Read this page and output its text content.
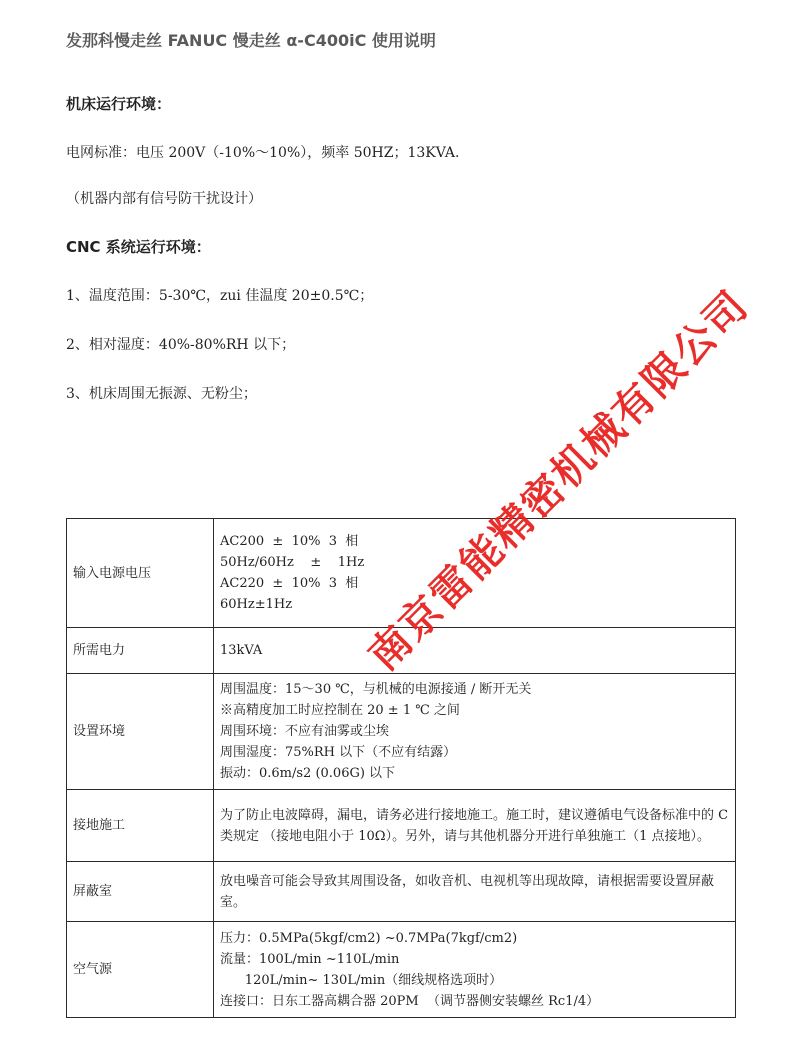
发那科慢走丝 FANUC 慢走丝 α-C400iC 使用说明
机床运行环境：
电网标准：电压 200V（-10%～10%），频率 50HZ；13KVA.
（机器内部有信号防干扰设计）
CNC 系统运行环境：
1、温度范围：5-30℃，zui 佳温度 20±0.5℃；
2、相对湿度：40%-80%RH 以下；
3、机床周围无振源、无粉尘；
输入电源电压	AC200  ±  10%  3  相
50Hz/60Hz    ±    1Hz
AC220  ±  10%  3  相
60Hz±1Hz

所需电力	13kVA

设置环境	周围温度：15～30 ℃，与机械的电源接通 / 断开无关
※高精度加工时应控制在 20 ± 1 ℃ 之间
周围环境：不应有油雾或尘埃
周围湿度：75%RH 以下（不应有结露）
振动：0.6m/s2 (0.06G) 以下

接地施工	为了防止电波障碍，漏电，请务必进行接地施工。施工时，建议遵循电气设备标准中的 C 类规定 （接地电阻小于 10Ω）。另外，请与其他机器分开进行单独施工（1 点接地）。

屏蔽室	放电噪音可能会导致其周围设备，如收音机、电视机等出现故障，请根据需要设置屏蔽室。

空气源	压力：0.5MPa(5kgf/cm2) ~0.7MPa(7kgf/cm2)
流量：100L/min ~110L/min
120L/min~ 130L/min（细线规格选项时）
连接口：日东工器高耦合器 20PM  （调节器侧安装螺丝 Rc1/4）
南京雷能精密机械有限公司
